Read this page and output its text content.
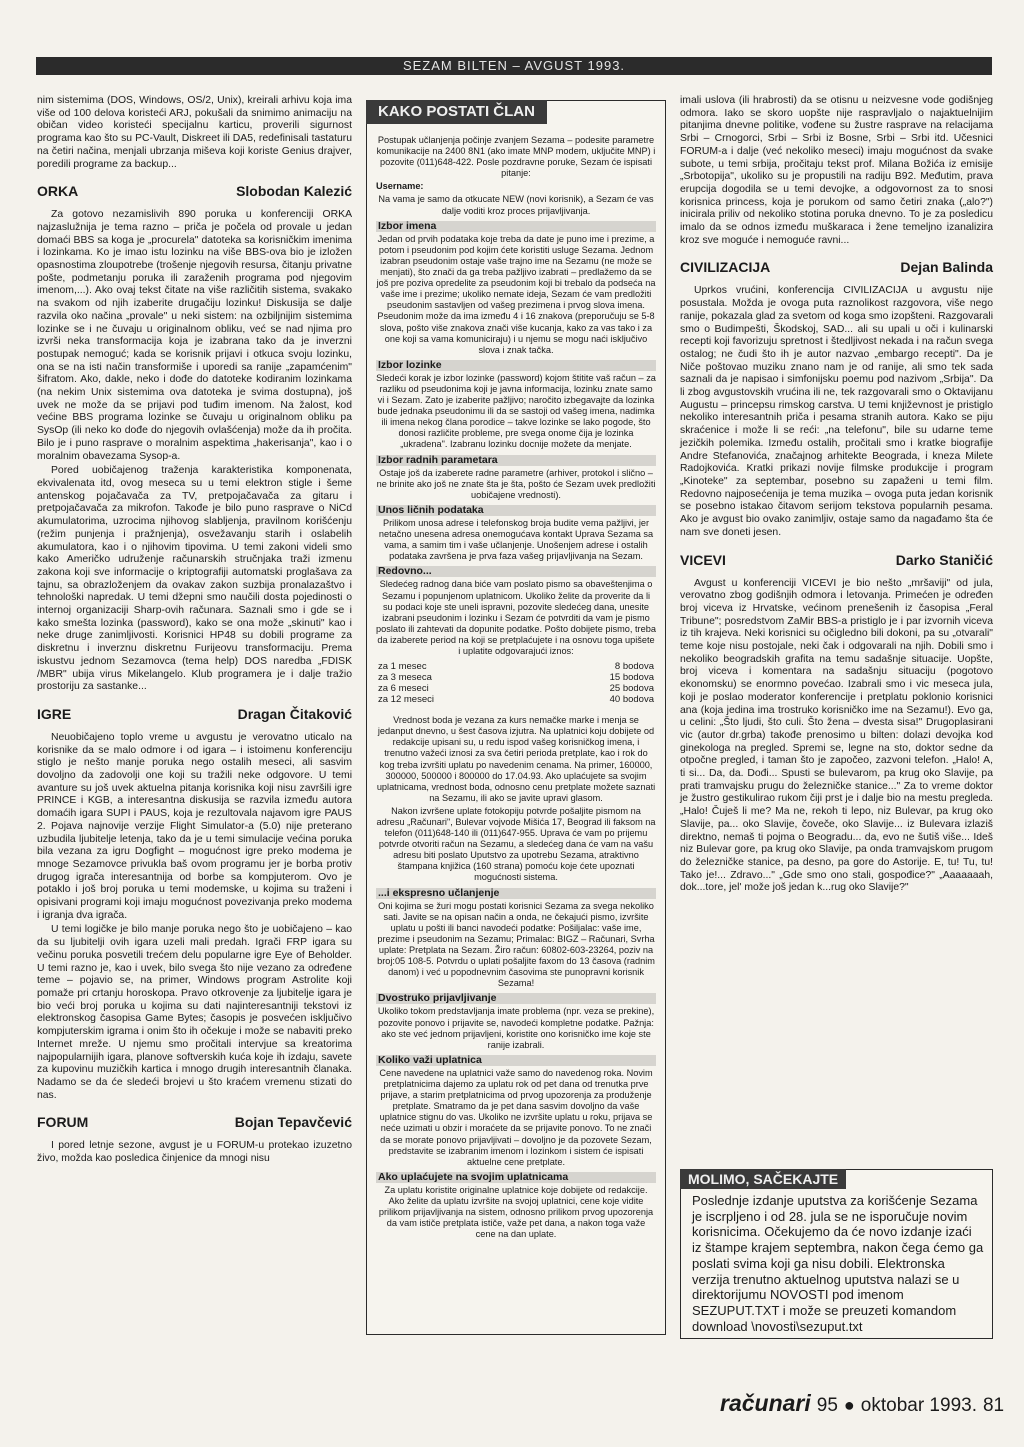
SEZAM BILTEN – AVGUST 1993.

nim sistemima (DOS, Windows, OS/2, Unix), kreirali arhivu koja ima više od 100 delova koristeći ARJ, pokušali da snimimo animaciju na običan video koristeći specijalnu karticu, proverili sigurnost programa kao što su PC-Vault, Diskreet ili DA5, redefinisali tastaturu na četiri načina, menjali ubrzanja miševa koji koriste Genius drajver, poredili programe za backup...

ORKA	Slobodan Kalezić

Za gotovo nezamislivih 890 poruka u konferenciji ORKA najzaslužnija je tema razno – priča je počela od provale u jedan domaći BBS sa koga je „procurela" datoteka sa korisničkim imenima i lozinkama. Ko je imao istu lozinku na više BBS-ova bio je izložen opasnostima zloupotrebe (trošenje njegovih resursa, čitanju privatne pošte, podmetanju poruka ili zaraženih programa pod njegovim imenom,...). Ako ovaj tekst čitate na više različitih sistema, svakako na svakom od njih izaberite drugačiju lozinku! Diskusija se dalje razvila oko načina „provale" u neki sistem: na ozbiljnijim sistemima lozinke se i ne čuvaju u originalnom obliku, već se nad njima pro izvrši neka transformacija koja je izabrana tako da je inverzni postupak nemoguć; kada se korisnik prijavi i otkuca svoju lozinku, ona se na isti način transformiše i uporedi sa ranije „zapamćenim" šifratom. Ako, dakle, neko i dođe do datoteke kodiranim lozinkama (na nekim Unix sistemima ova datoteka je svima dostupna), još uvek ne može da se prijavi pod tuđim imenom. Na žalost, kod većine BBS programa lozinke se čuvaju u originalnom obliku pa SysOp (ili neko ko dođe do njegovih ovlašćenja) može da ih pročita. Bilo je i puno rasprave o moralnim aspektima „hakerisanja", kao i o moralnim obavezama Sysop-a.

Pored uobičajenog traženja karakteristika komponenata, ekvivalenata itd, ovog meseca su u temi elektron stigle i šeme antenskog pojačavača za TV, pretpojačavača za gitaru i pretpojačavača za mikrofon. Takođe je bilo puno rasprave o NiCd akumulatorima, uzrocima njihovog slabljenja, pravilnom korišćenju (režim punjenja i pražnjenja), osvežavanju starih i oslabelih akumulatora, kao i o njihovim tipovima. U temi zakoni videli smo kako Američko udruženje računarskih stručnjaka traži izmenu zakona koji sve informacije o kriptografiji automatski proglašava za tajnu, sa obrazloženjem da ovakav zakon suzbija pronalazaštvo i tehnološki napredak. U temi džepni smo naučili dosta pojedinosti o internoj organizaciji Sharp-ovih računara. Saznali smo i gde se i kako smešta lozinka (password), kako se ona može „skinuti" kao i neke druge zanimljivosti. Korisnici HP48 su dobili programe za diskretnu i inverznu diskretnu Furijeovu transformaciju. Prema iskustvu jednom Sezamovca (tema help) DOS naredba „FDISK /MBR" ubija virus Mikelangelo. Klub programera je i dalje tražio prostoriju za sastanke...

IGRE	Dragan Čitaković

Neuobičajeno toplo vreme u avgustu je verovatno uticalo na korisnike da se malo odmore i od igara – i istoimenu konferenciju stiglo je nešto manje poruka nego ostalih meseci, ali sasvim dovoljno da zadovolji one koji su tražili neke odgovore. U temi avanture su još uvek aktuelna pitanja korisnika koji nisu završili igre PRINCE i KGB, a interesantna diskusija se razvila između autora domaćih igara SUPI i PAUS, koja je rezultovala najavom igre PAUS 2. Pojava najnovije verzije Flight Simulator-a (5.0) nije preterano uzbudila ljubitelje letenja, tako da je u temi simulacije većina poruka bila vezana za igru Dogfight – mogućnost igre preko modema je mnoge Sezamovce privukla baš ovom programu jer je borba protiv drugog igrača interesantnija od borbe sa kompjuterom. Ovo je potaklo i još broj poruka u temi modemske, u kojima su traženi i opisivani programi koji imaju mogućnost povezivanja preko modema i igranja dva igrača.

U temi logičke je bilo manje poruka nego što je uobičajeno – kao da su ljubitelji ovih igara uzeli mali predah. Igrači FRP igara su večinu poruka posvetili trećem delu popularne igre Eye of Beholder. U temi razno je, kao i uvek, bilo svega što nije vezano za određene teme – pojavio se, na primer, Windows program Astrolite koji pomaže pri crtanju horoskopa. Pravo otkrovenje za ljubitelje igara je bio veći broj poruka u kojima su dati najinteresantniji tekstovi iz elektronskog časopisa Game Bytes; časopis je posvećen isključivo kompjuterskim igrama i onim što ih očekuje i može se nabaviti preko Internet mreže. U njemu smo pročitali intervjue sa kreatorima najpopularnijih igara, planove softverskih kuća koje ih izdaju, savete za kupovinu muzičkih kartica i mnogo drugih interesantnih članaka. Nadamo se da će sledeći brojevi u što kraćem vremenu stizati do nas.

FORUM	Bojan Tepavčević

I pored letnje sezone, avgust je u FORUM-u protekao izuzetno živo, možda kao posledica činjenice da mnogi nisu

Postupak učlanjenja počinje zvanjem Sezama – podesite parametre komunikacije na 2400 8N1 (ako imate MNP modem, uključite MNP) i pozovite (011)648-422. Posle pozdravne poruke, Sezam će ispisati pitanje:

Username:

Na vama je samo da otkucate NEW (novi korisnik), a Sezam će vas dalje voditi kroz proces prijavljivanja.

Izbor imena

Jedan od prvih podataka koje treba da date je puno ime i prezime, a potom i pseudonim pod kojim ćete koristiti usluge Sezama. Jednom izabran pseudonim ostaje vaše trajno ime na Sezamu (ne može se menjati), što znači da ga treba pažljivo izabrati – predlažemo da se još pre poziva opredelite za pseudonim koji bi trebalo da podseća na vaše ime i prezime; ukoliko nemate ideja, Sezam će vam predložiti pseudonim sastavljen od vašeg prezimena i prvog slova imena. Pseudonim može da ima između 4 i 16 znakova (preporučuju se 5-8 slova, pošto više znakova znači više kucanja, kako za vas tako i za one koji sa vama komuniciraju) i u njemu se mogu naći isključivo slova i znak tačka.

Izbor lozinke

Sledeći korak je izbor lozinke (password) kojom štitite vaš račun – za razliku od pseudonima koji je javna informacija, lozinku znate samo vi i Sezam. Zato je izaberite pažljivo; naročito izbegavajte da lozinka bude jednaka pseudonimu ili da se sastoji od vašeg imena, nadimka ili imena nekog člana porodice – takve lozinke se lako pogode, što donosi različite probleme, pre svega onome čija je lozinka „ukradena". Izabranu lozinku docnije možete da menjate.

Izbor radnih parametara

Ostaje još da izaberete radne parametre (arhiver, protokol i slično – ne brinite ako još ne znate šta je šta, pošto će Sezam uvek predložiti uobičajene vrednosti).

Unos ličnih podataka

Prilikom unosa adrese i telefonskog broja budite vema pažljivi, jer netačno unesena adresa onemogućava kontakt Uprava Sezama sa vama, a samim tim i vaše učlanjenje. Unošenjem adrese i ostalih podataka završena je prva faza vašeg prijavljivanja na Sezam.

Redovno...

Sledećeg radnog dana biće vam poslato pismo sa obaveštenjima o Sezamu i popunjenom uplatnicom. Ukoliko želite da proverite da li su podaci koje ste uneli ispravni, pozovite sledećeg dana, unesite izabrani pseudonim i lozinku i Sezam će potvrditi da vam je pismo poslato ili zahtevati da dopunite podatke. Pošto dobijete pismo, treba da izaberete period na koji se pretplaćujete i na osnovu toga upišete i uplatite odgovarajući iznos:

za 1 mesec	8 bodova
za 3 meseca	15 bodova
za 6 meseci	25 bodova
za 12 meseci	40 bodova

Vrednost boda je vezana za kurs nemačke marke i menja se jedanput dnevno, u šest časova izjutra. Na uplatnici koju dobijete od redakcije upisani su, u redu ispod vašeg korisničkog imena, i trenutno važeći iznosi za sva četiri perioda pretplate, kao i rok do kog treba izvršiti uplatu po navedenim cenama. Na primer, 160000, 300000, 500000 i 800000 do 17.04.93. Ako uplaćujete sa svojim uplatnicama, vrednost boda, odnosno cenu pretplate možete saznati na Sezamu, ili ako se javite upravi glasom.

Nakon izvršene uplate fotokopiju potvrde pošaljite pismom na adresu „Računari", Bulevar vojvode Mišića 17, Beograd ili faksom na telefon (011)648-140 ili (011)647-955. Uprava će vam po prijemu potvrde otvoriti račun na Sezamu, a sledećeg dana će vam na vašu adresu biti poslato Uputstvo za upotrebu Sezama, atraktivno štampana knjižica (160 strana) pomoću koje ćete upoznati mogućnosti sistema.

...i ekspresno učlanjenje

Oni kojima se žuri mogu postati korisnici Sezama za svega nekoliko sati. Javite se na opisan način a onda, ne čekajući pismo, izvršite uplatu u pošti ili banci navodeći podatke: Pošiljalac: vaše ime, prezime i pseudonim na Sezamu; Primalac: BIGZ – Računari, Svrha uplate: Pretplata na Sezam. Žiro račun: 60802-603-23264, poziv na broj:05 108-5. Potvrdu o uplati pošaljite faxom do 13 časova (radnim danom) i već u popodnevnim časovima ste punopravni korisnik Sezama!

Dvostruko prijavljivanje

Ukoliko tokom predstavljanja imate problema (npr. veza se prekine), pozovite ponovo i prijavite se, navodeći kompletne podatke. Pažnja: ako ste već jednom prijavljeni, koristite ono korisničko ime koje ste ranije izabrali.

Koliko važi uplatnica

Cene navedene na uplatnici važe samo do navedenog roka. Novim pretplatnicima dajemo za uplatu rok od pet dana od trenutka prve prijave, a starim pretplatnicima od prvog upozorenja za produženje pretplate. Smatramo da je pet dana sasvim dovoljno da vaše uplatnice stignu do vas. Ukoliko ne izvršite uplatu u roku, prijava se neće uzimati u obzir i moraćete da se prijavite ponovo. To ne znači da se morate ponovo prijavljivati – dovoljno je da pozovete Sezam, predstavite se izabranim imenom i lozinkom i sistem će ispisati aktuelne cene pretplate.

Ako uplaćujete na svojim uplatnicama

Za uplatu koristite originalne uplatnice koje dobijete od redakcije. Ako želite da uplatu izvršite na svojoj uplatnici, cene koje vidite prilikom prijavljivanja na sistem, odnosno prilikom prvog upozorenja da vam ističe pretplata ističe, važe pet dana, a nakon toga važe cene na dan uplate.

KAKO POSTATI ČLAN

imali uslova (ili hrabrosti) da se otisnu u neizvesne vode godišnjeg odmora. Iako se skoro uopšte nije raspravljalo o najaktuelnijim pitanjima dnevne politike, vođene su žustre rasprave na relacijama Srbi – Crnogorci, Srbi – Srbi iz Bosne, Srbi – Srbi itd. Učesnici FORUM-a i dalje (već nekoliko meseci) imaju mogućnost da svake subote, u temi srbija, pročitaju tekst prof. Milana Božića iz emisije „Srbotopija", ukoliko su je propustili na radiju B92. Međutim, prava erupcija dogodila se u temi devojke, a odgovornost za to snosi korisnica princess, koja je porukom od samo četiri znaka („alo?") inicirala priliv od nekoliko stotina poruka dnevno. To je za posledicu imalo da se odnos između muškaraca i žene temeljno izanalizira kroz sve moguće i nemoguće ravni...

CIVILIZACIJA	Dejan Balinda

Uprkos vrućini, konferencija CIVILIZACIJA u avgustu nije posustala. Možda je ovoga puta raznolikost razgovora, više nego ranije, pokazala glad za svetom od koga smo izopšteni. Razgovarali smo o Budimpešti, Škodskoj, SAD... ali su upali u oči i kulinarski recepti koji favorizuju spretnost i štedljivost nekada i na račun svega ostalog; ne čudi što ih je autor nazvao „embargo recepti". Da je Niče poštovao muziku znano nam je od ranije, ali smo tek sada saznali da je napisao i simfonijsku poemu pod nazivom „Srbija". Da li zbog avgustovskih vrućina ili ne, tek razgovarali smo o Oktavijanu Augustu – princepsu rimskog carstva. U temi književnost je pristiglo nekoliko interesantnih priča i pesama stranih autora. Kako se piju skraćenice i može li se reći: „na telefonu", bile su udarne teme jezičkih polemika. Između ostalih, pročitali smo i kratke biografije Andre Stefanovića, značajnog arhitekte Beograda, i kneza Milete Radojkovića. Kratki prikazi novije filmske produkcije i program „Kinoteke" za septembar, posebno su zapaženi u temi film. Redovno najposećenija je tema muzika – ovoga puta jedan korisnik se posebno istakao čitavom serijom tekstova popularnih pesama. Ako je avgust bio ovako zanimljiv, ostaje samo da nagađamo šta će nam sve doneti jesen.

VICEVI	Darko Staničić

Avgust u konferenciji VICEVI je bio nešto „mršaviji" od jula, verovatno zbog godišnjih odmora i letovanja. Primećen je određen broj viceva iz Hrvatske, većinom prenešenih iz časopisa „Feral Tribune"; posredstvom ZaMir BBS-a pristiglo je i par izvornih viceva iz tih krajeva. Neki korisnici su očigledno bili dokoni, pa su „otvarali" teme koje nisu postojale, neki čak i odgovarali na njih. Dobili smo i nekoliko beogradskih grafita na temu sadašnje situacije. Uopšte, broj viceva i komentara na sadašnju situaciju (pogotovo ekonomsku) se enormno povećao. Izabrali smo i vic meseca jula, koji je poslao moderator konferencije i pretplatu poklonio korisnici ana (koja jedina ima trostruko korisničko ime na Sezamu!). Evo ga, u celini: „Što ljudi, što culi. Što žena – dvesta sisa!" Drugoplasirani vic (autor dr.grba) takođe prenosimo u bilten: dolazi devojka kod ginekologa na pregled. Spremi se, legne na sto, doktor sedne da otpočne pregled, i taman što je započeo, zazvoni telefon. „Halo! A, ti si... Da, da. Dođi... Spusti se bulevarom, pa krug oko Slavije, pa prati tramvajsku prugu do železničke stanice..." Za to vreme doktor je žustro gestikulirao rukom čiji prst je i dalje bio na mestu pregleda. „Halo! Čuješ li me? Ma ne, rekoh ti lepo, niz Bulevar, pa krug oko Slavije, pa... oko Slavije, čoveče, oko Slavije... iz Bulevara izlaziš direktno, nemaš ti pojma o Beogradu... da, evo ne šutiš više... Ideš niz Bulevar gore, pa krug oko Slavije, pa onda tramvajskom prugom do železničke stanice, pa desno, pa gore do Astorije. E, tu! Tu, tu! Tako je!... Zdravo..." „Gde smo ono stali, gospođice?" „Aaaaaaah, dok...tore, jel' može još jedan k...rug oko Slavije?"

MOLIMO, SAČEKAJTE
Poslednje izdanje uputstva za korišćenje Sezama je iscrpljeno i od 28. jula se ne isporučuje novim korisnicima. Očekujemo da će novo izdanje izaći iz štampe krajem septembra, nakon čega ćemo ga poslati svima koji ga nisu dobili. Elektronska verzija trenutno aktuelnog uputstva nalazi se u direktorijumu NOVOSTI pod imenom SEZUPUT.TXT i može se preuzeti komandom download \novosti\sezuput.txt
računari 95 ● oktobar 1993. 81
